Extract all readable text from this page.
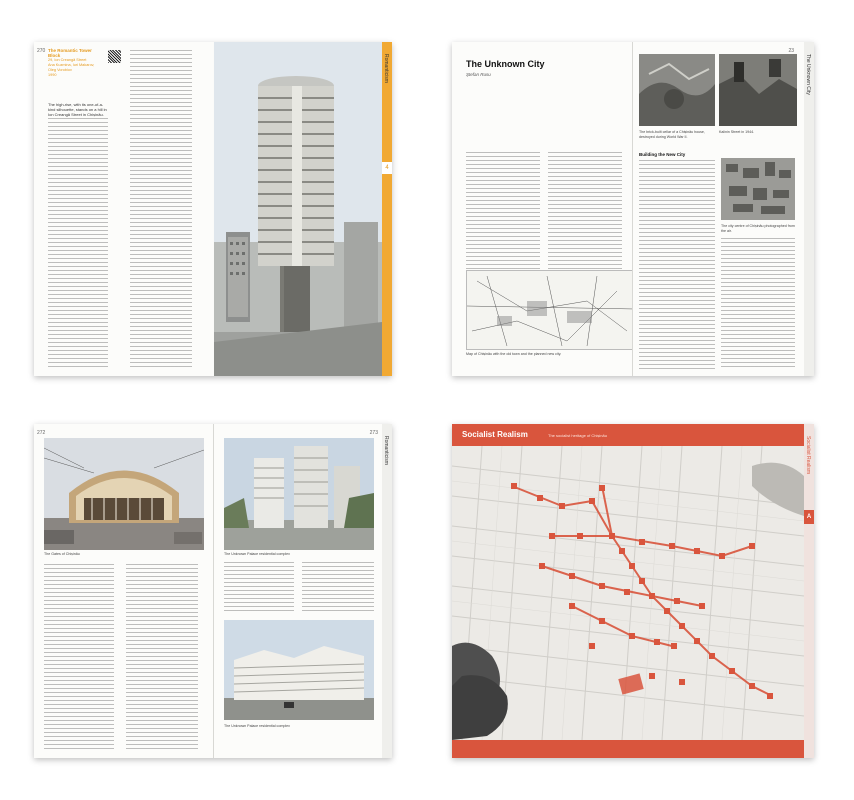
270 The Romantic Tower Block
29, Ion Creangă Street
Ana Kuzmina, Iuri Makarov,
Oleg Vorobiov
1990
The high-rise, with its one-of-a-kind silhouette, stands on a hill in Ion Creangă Street in Chișinău.
Romanticism
4
The Unknown City
Ştefan Rusu
Map of Chișinău with the old town and the planned new city.
The brick-built cellar of a Chișinău house, destroyed during World War II.
Kalinin Street in 1944.
Building the New City
The city centre of Chișinău photographed from the air.
23
The Unknown City
272
The Gates of Chișinău	The Unknown Palace residential complex
The Unknown Palace residential complex
273
Romanticism
Socialist Realism	The socialist heritage of Chișinău
Socialist Realism
A
